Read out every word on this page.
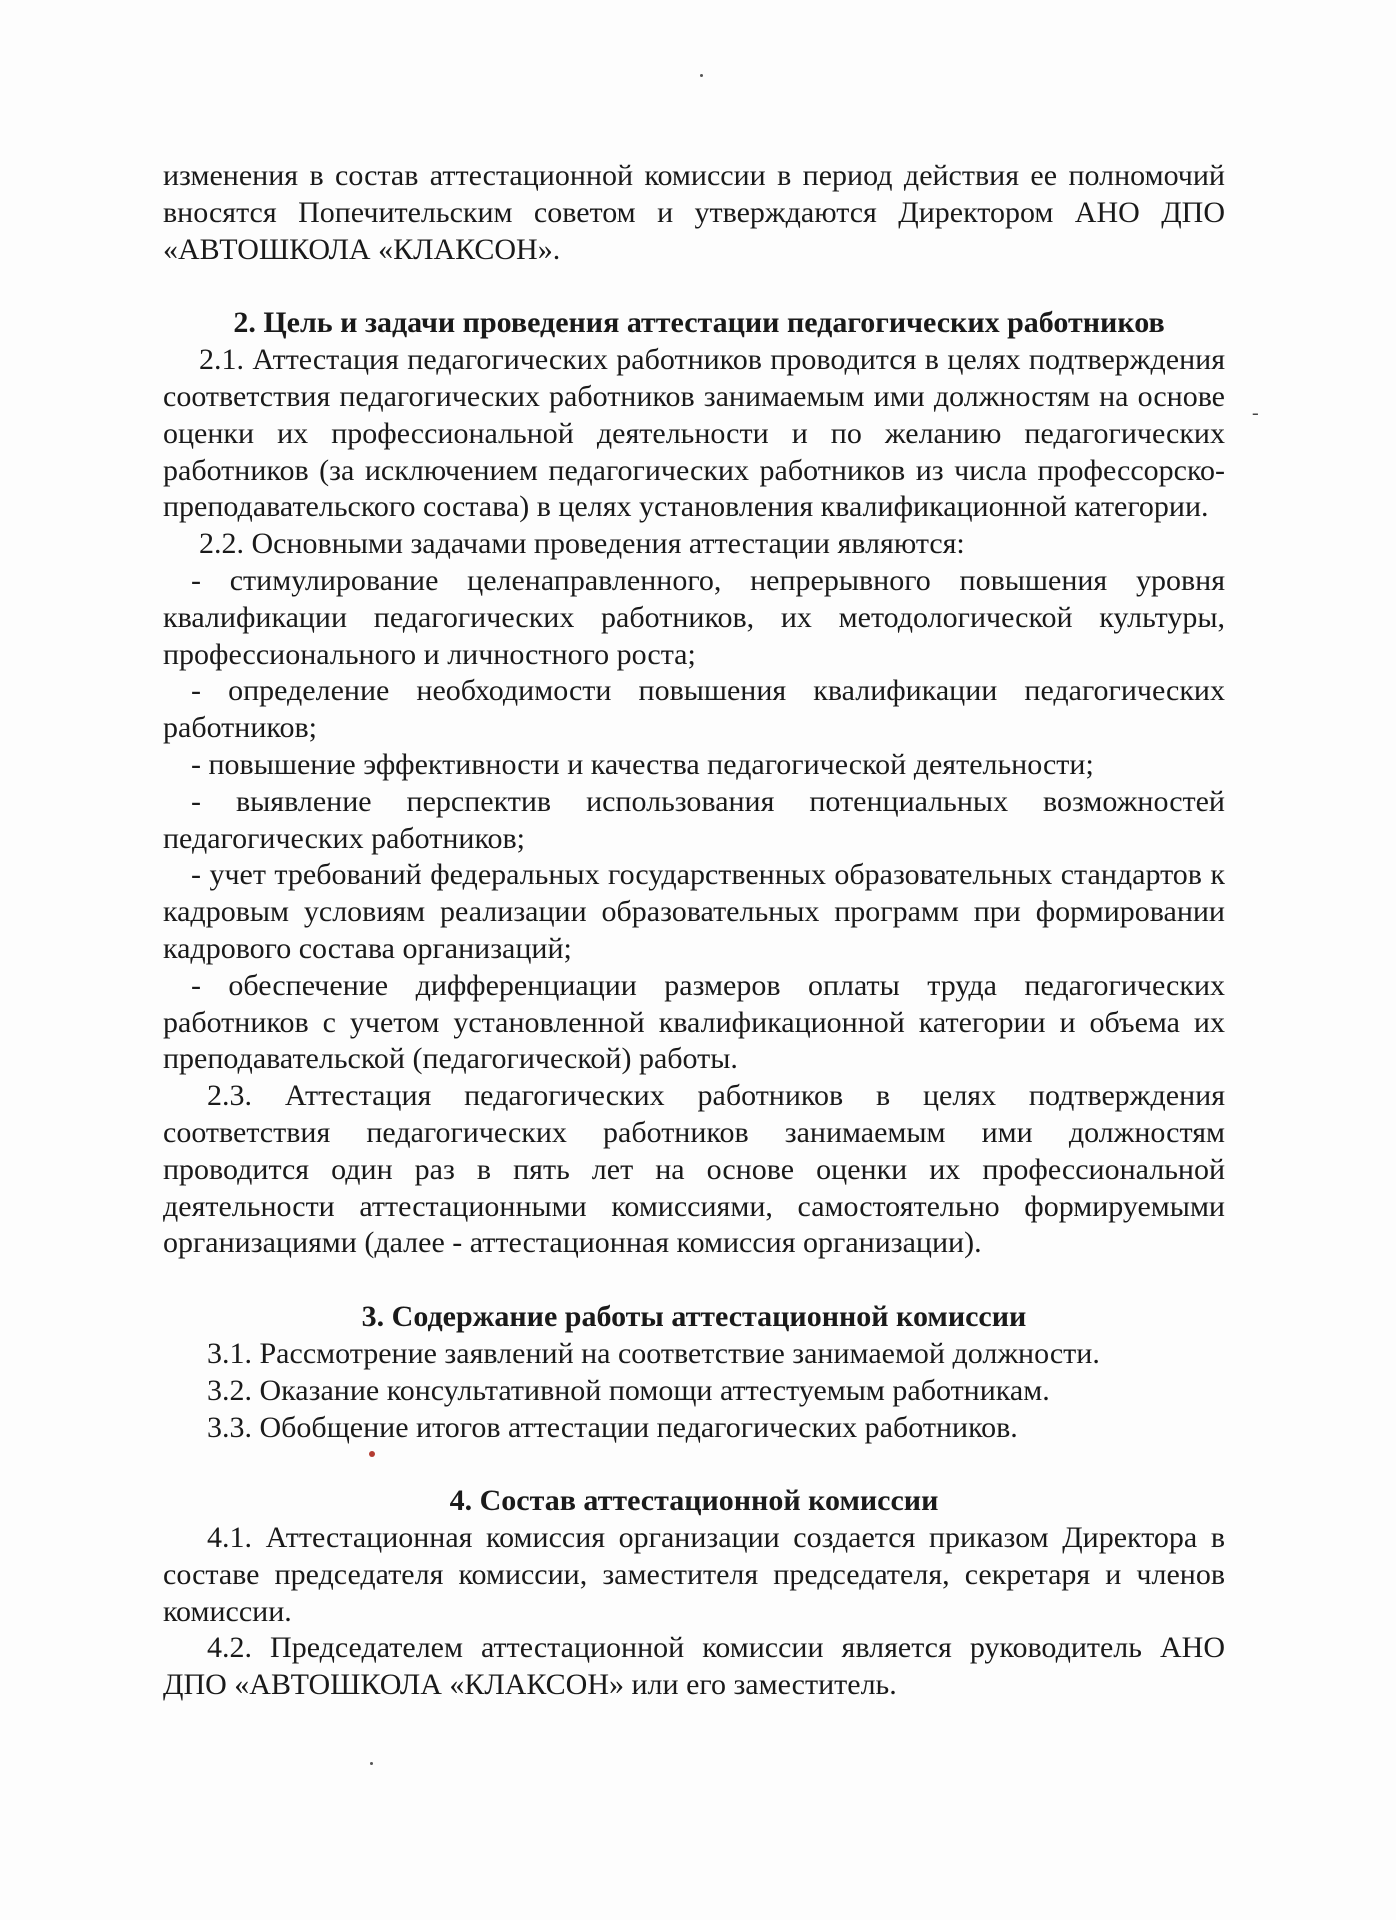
-

изменения в состав аттестационной комиссии в период действия ее полномочий вносятся Попечительским советом и утверждаются Директором АНО ДПО «АВТОШКОЛА «КЛАКСОН».

2. Цель и задачи проведения аттестации педагогических работников

2.1. Аттестация педагогических работников проводится в целях подтверждения соответствия педагогических работников занимаемым ими должностям на основе оценки их профессиональной деятельности и по желанию педагогических работников (за исключением педагогических работников из числа профессорско-преподавательского состава) в целях установления квалификационной категории.

2.2. Основными задачами проведения аттестации являются:

- стимулирование целенаправленного, непрерывного повышения уровня квалификации педагогических работников, их методологической культуры, профессионального и личностного роста;

- определение необходимости повышения квалификации педагогических работников;

- повышение эффективности и качества педагогической деятельности;

- выявление перспектив использования потенциальных возможностей педагогических работников;

- учет требований федеральных государственных образовательных стандартов к кадровым условиям реализации образовательных программ при формировании кадрового состава организаций;

- обеспечение дифференциации размеров оплаты труда педагогических работников с учетом установленной квалификационной категории и объема их преподавательской (педагогической) работы.

2.3. Аттестация педагогических работников в целях подтверждения соответствия педагогических работников занимаемым ими должностям проводится один раз в пять лет на основе оценки их профессиональной деятельности аттестационными комиссиями, самостоятельно формируемыми организациями (далее - аттестационная комиссия организации).

3. Содержание работы аттестационной комиссии

3.1. Рассмотрение заявлений на соответствие занимаемой должности.

3.2. Оказание консультативной помощи аттестуемым работникам.

3.3. Обобщение итогов аттестации педагогических работников.

4. Состав аттестационной комиссии

4.1. Аттестационная комиссия организации создается приказом Директора в составе председателя комиссии, заместителя председателя, секретаря и членов комиссии.

4.2. Председателем аттестационной комиссии является руководитель АНО ДПО «АВТОШКОЛА «КЛАКСОН» или его заместитель.
